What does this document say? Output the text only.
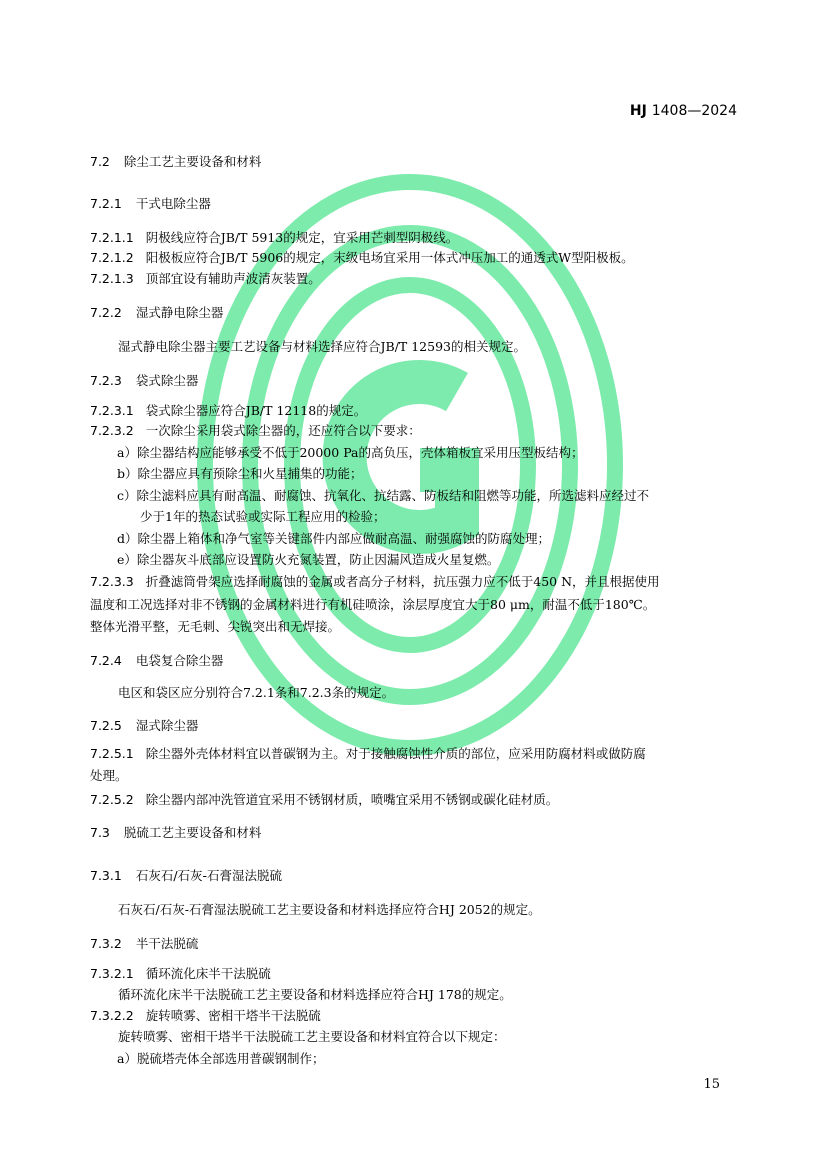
HJ 1408—2024
7.2 除尘工艺主要设备和材料
7.2.1 干式电除尘器
7.2.1.1 阴极线应符合JB/T 5913的规定，宜采用芒刺型阴极线。
7.2.1.2 阳极板应符合JB/T 5906的规定，末级电场宜采用一体式冲压加工的通透式W型阳极板。
7.2.1.3 顶部宜设有辅助声波清灰装置。
7.2.2 湿式静电除尘器
湿式静电除尘器主要工艺设备与材料选择应符合JB/T 12593的相关规定。
7.2.3 袋式除尘器
7.2.3.1 袋式除尘器应符合JB/T 12118的规定。
7.2.3.2 一次除尘采用袋式除尘器的，还应符合以下要求：
a）除尘器结构应能够承受不低于20000 Pa的高负压，壳体箱板宜采用压型板结构；
b）除尘器应具有预除尘和火星捕集的功能；
c）除尘滤料应具有耐高温、耐腐蚀、抗氧化、抗结露、防板结和阻燃等功能，所选滤料应经过不
少于1年的热态试验或实际工程应用的检验；
d）除尘器上箱体和净气室等关键部件内部应做耐高温、耐强腐蚀的防腐处理；
e）除尘器灰斗底部应设置防火充氮装置，防止因漏风造成火星复燃。
7.2.3.3 折叠滤筒骨架应选择耐腐蚀的金属或者高分子材料，抗压强力应不低于450 N，并且根据使用
温度和工况选择对非不锈钢的金属材料进行有机硅喷涂，涂层厚度宜大于80 μm，耐温不低于180℃。
整体光滑平整，无毛刺、尖锐突出和无焊接。
7.2.4 电袋复合除尘器
电区和袋区应分别符合7.2.1条和7.2.3条的规定。
7.2.5 湿式除尘器
7.2.5.1 除尘器外壳体材料宜以普碳钢为主。对于接触腐蚀性介质的部位，应采用防腐材料或做防腐
处理。
7.2.5.2 除尘器内部冲洗管道宜采用不锈钢材质，喷嘴宜采用不锈钢或碳化硅材质。
7.3 脱硫工艺主要设备和材料
7.3.1 石灰石/石灰-石膏湿法脱硫
石灰石/石灰-石膏湿法脱硫工艺主要设备和材料选择应符合HJ 2052的规定。
7.3.2 半干法脱硫
7.3.2.1 循环流化床半干法脱硫
循环流化床半干法脱硫工艺主要设备和材料选择应符合HJ 178的规定。
7.3.2.2 旋转喷雾、密相干塔半干法脱硫
旋转喷雾、密相干塔半干法脱硫工艺主要设备和材料宜符合以下规定：
a）脱硫塔壳体全部选用普碳钢制作；
15
